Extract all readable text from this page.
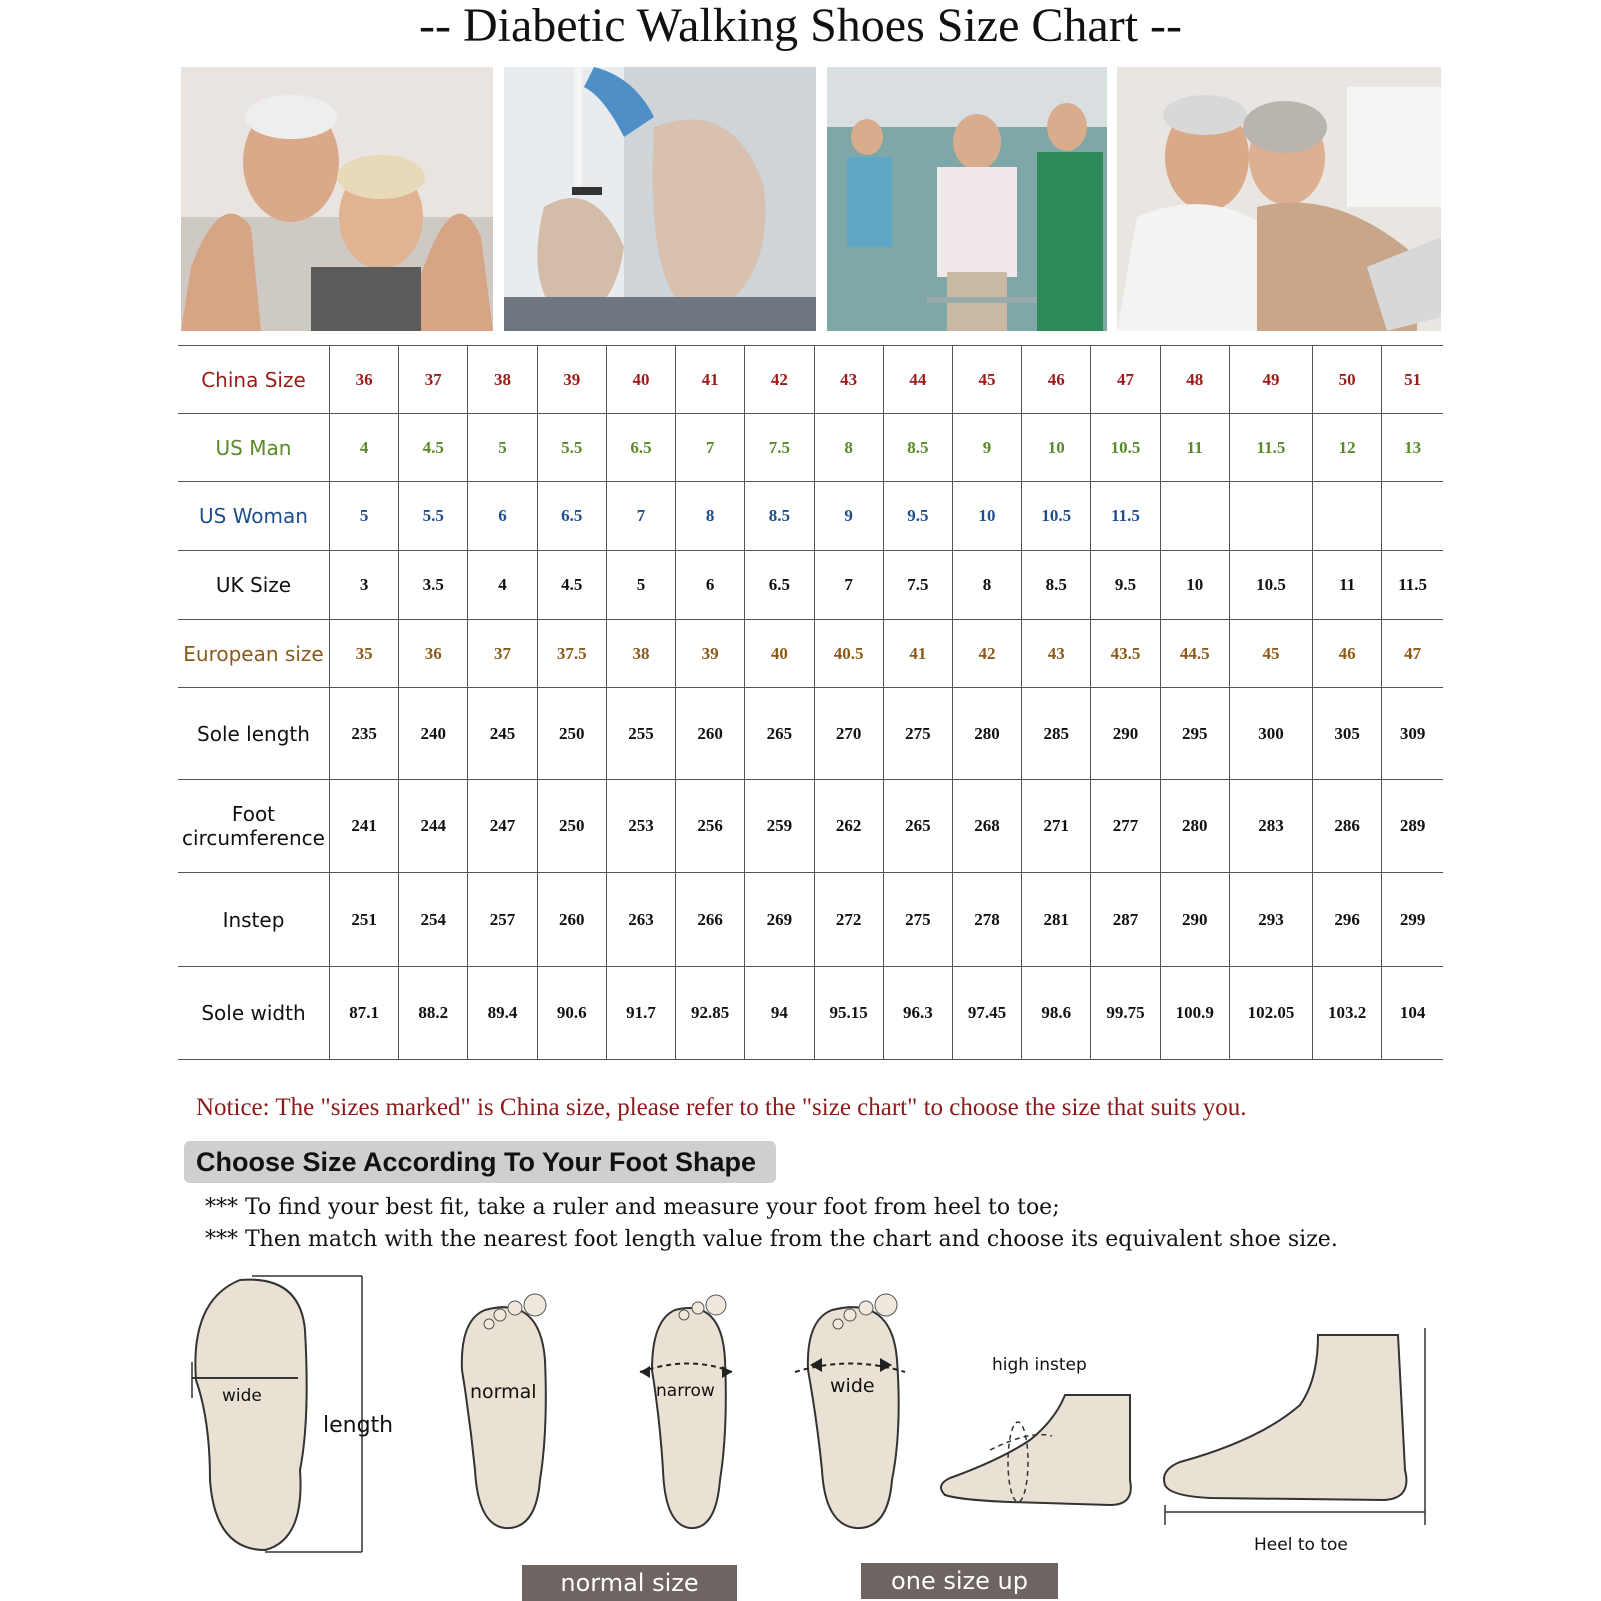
-- Diabetic Walking Shoes Size Chart --
China Size	36	37	38	39	40	41	42	43	44	45	46	47	48	49	50	51
US Man	4	4.5	5	5.5	6.5	7	7.5	8	8.5	9	10	10.5	11	11.5	12	13
US Woman	5	5.5	6	6.5	7	8	8.5	9	9.5	10	10.5	11.5				
UK Size	3	3.5	4	4.5	5	6	6.5	7	7.5	8	8.5	9.5	10	10.5	11	11.5
European size	35	36	37	37.5	38	39	40	40.5	41	42	43	43.5	44.5	45	46	47
Sole length	235	240	245	250	255	260	265	270	275	280	285	290	295	300	305	309
Foot
circumference	241	244	247	250	253	256	259	262	265	268	271	277	280	283	286	289
Instep	251	254	257	260	263	266	269	272	275	278	281	287	290	293	296	299
Sole width	87.1	88.2	89.4	90.6	91.7	92.85	94	95.15	96.3	97.45	98.6	99.75	100.9	102.05	103.2	104
Notice: The "sizes marked" is China size, please refer to the "size chart" to choose the size that suits you.
Choose Size According To Your Foot Shape
*** To find your best fit, take a ruler and measure your foot from heel to toe;
*** Then match with the nearest foot length value from the chart and choose its equivalent shoe size.
wide
length
normal	narrow	wide
high instep
Heel to toe
normal size	one size up
